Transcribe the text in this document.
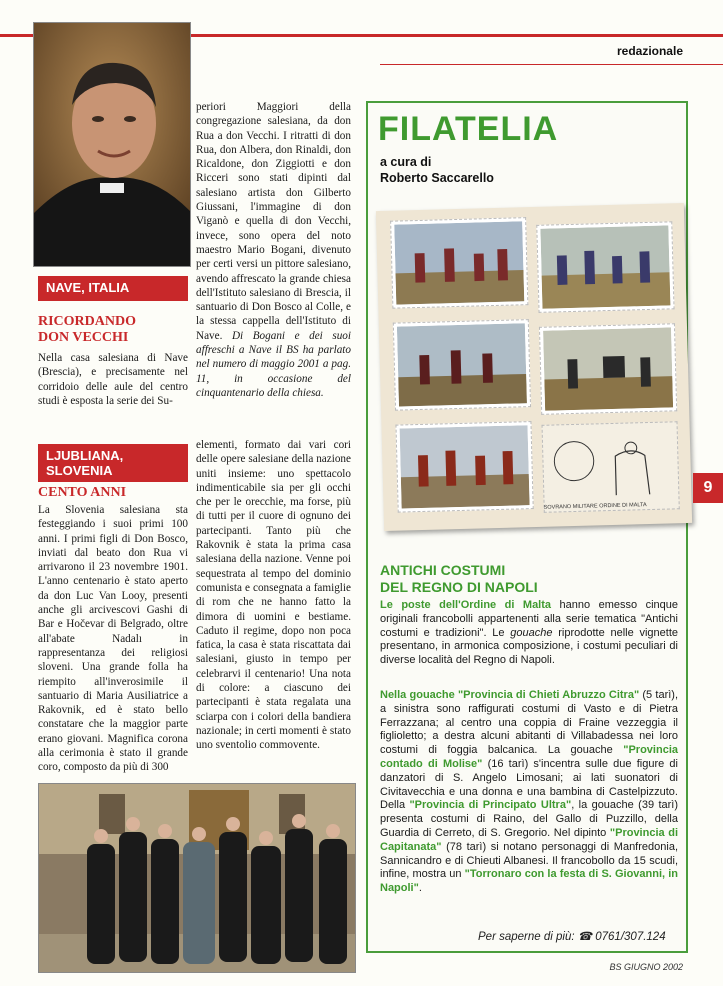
redazionale
NAVE, ITALIA
RICORDANDO
DON VECCHI
Nella casa salesiana di Nave (Brescia), e precisamente nel corridoio delle aule del centro studi è esposta la serie dei Su-
periori Maggiori della congregazione salesiana, da don Rua a don Vecchi. I ritratti di don Rua, don Albera, don Rinaldi, don Ricaldone, don Ziggiotti e don Ricceri sono stati dipinti dal salesiano artista don Gilberto Giussani, l'immagine di don Viganò e quella di don Vecchi, invece, sono opera del noto maestro Mario Bogani, divenuto per certi versi un pittore salesiano, avendo affrescato la grande chiesa dell'Istituto salesiano di Brescia, il santuario di Don Bosco al Colle, e la stessa cappella dell'Istituto di Nave. Di Bogani e dei suoi affreschi a Nave il BS ha parlato nel numero di maggio 2001 a pag. 11, in occasione del cinquantenario della chiesa.
LJUBLIANA,
SLOVENIA
CENTO ANNI
La Slovenia salesiana sta festeggiando i suoi primi 100 anni. I primi figli di Don Bosco, inviati dal beato don Rua vi arrivarono il 23 novembre 1901. L'anno centenario è stato aperto da don Luc Van Looy, presenti anche gli arcivescovi Gashi di Bar e Hočevar di Belgrado, oltre all'abate Nadalı in rappresentanza dei religiosi sloveni. Una grande folla ha riempito all'inverosimile il santuario di Maria Ausiliatrice a Rakovnik, ed è stato bello constatare che la maggior parte erano giovani. Magnifica corona alla cerimonia è stato il grande coro, composto da più di 300
elementi, formato dai vari cori delle opere salesiane della nazione uniti insieme: uno spettacolo indimenticabile sia per gli occhi che per le orecchie, ma forse, più di tutti per il cuore di ognuno dei partecipanti. Tanto più che Rakovnik è stata la prima casa salesiana della nazione. Venne poi sequestrata al tempo del dominio comunista e consegnata a famiglie di rom che ne hanno fatto la dimora di uomini e bestiame. Caduto il regime, dopo non poca fatica, la casa è stata riscattata dai salesiani, giusto in tempo per celebrarvi il centenario! Una nota di colore: a ciascuno dei partecipanti è stata regalata una sciarpa con i colori della bandiera nazionale; in certi momenti è stato uno sventolio commovente.
FILATELIA
a cura di
Roberto Saccarello
SOVRANO MILITARE ORDINE DI MALTA
ANTICHI COSTUMI
DEL REGNO DI NAPOLI
Le poste dell'Ordine di Malta hanno emesso cinque originali francobolli appartenenti alla serie tematica "Antichi costumi e tradizioni". Le gouache riprodotte nelle vignette presentano, in armonica composizione, i costumi peculiari di diverse località del Regno di Napoli.
Nella gouache "Provincia di Chieti Abruzzo Citra" (5 tarì), a sinistra sono raffigurati costumi di Vasto e di Pietra Ferrazzana; al centro una coppia di Fraine vezzeggia il figlioletto; a destra alcuni abitanti di Villabadessa nei loro costumi di foggia balcanica. La gouache "Provincia contado di Molise" (16 tarì) s'incentra sulle due figure di danzatori di S. Angelo Limosani; ai lati suonatori di Civitavecchia e una donna e una bambina di Castelpizzuto. Della "Provincia di Principato Ultra", la gouache (39 tarì) presenta costumi di Raino, del Gallo di Puzzillo, della Guardia di Cerreto, di S. Gregorio. Nel dipinto "Provincia di Capitanata" (78 tarì) si notano personaggi di Manfredonia, Sannicandro e di Chieuti Albanesi. Il francobollo da 15 scudi, infine, mostra un "Torronaro con la festa di S. Giovanni, in Napoli".
Per saperne di più: ☎ 0761/307.124
9
BS GIUGNO 2002
